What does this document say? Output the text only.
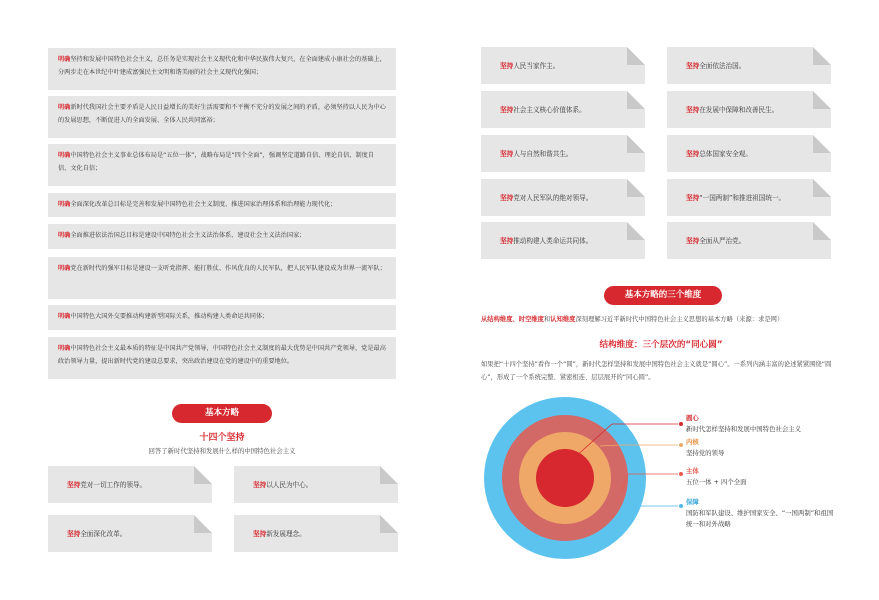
明确坚持和发展中国特色社会主义，总任务是实现社会主义现代化和中华民族伟大复兴，在全面建成小康社会的基础上，分两步走在本世纪中叶建成富强民主文明和谐美丽的社会主义现代化强国；
明确新时代我国社会主要矛盾是人民日益增长的美好生活需要和不平衡不充分的发展之间的矛盾，必须坚持以人民为中心的发展思想，不断促进人的全面发展、全体人民共同富裕；
明确中国特色社会主义事业总体布局是“五位一体”，战略布局是“四个全面”，强调坚定道路自信、理论自信、制度自信、文化自信；
明确全面深化改革总目标是完善和发展中国特色社会主义制度、推进国家治理体系和治理能力现代化；
明确全面推进依法治国总目标是建设中国特色社会主义法治体系、建设社会主义法治国家；
明确党在新时代的强军目标是建设一支听党指挥、能打胜仗、作风优良的人民军队，把人民军队建设成为世界一流军队；
明确中国特色大国外交要推动构建新型国际关系，推动构建人类命运共同体；
明确中国特色社会主义最本质的特征是中国共产党领导，中国特色社会主义制度的最大优势是中国共产党领导，党是最高政治领导力量，提出新时代党的建设总要求，突出政治建设在党的建设中的重要地位。
基本方略
十四个坚持
回答了新时代坚持和发展什么样的中国特色社会主义
坚持 党对一切工作的领导。	坚持 以人民为中心。
坚持 全面深化改革。	坚持 新发展理念。
坚持 人民当家作主。	坚持 全面依法治国。
坚持 社会主义核心价值体系。	坚持 在发展中保障和改善民生。
坚持 人与自然和谐共生。	坚持 总体国家安全观。
坚持 党对人民军队的绝对领导。	坚持 “一国两制”和推进祖国统一。
坚持 推动构建人类命运共同体。	坚持 全面从严治党。
基本方略的三个维度
从结构维度、时空维度和认知维度深刻理解习近平新时代中国特色社会主义思想的基本方略（来源：求是网）
结构维度：三个层次的“同心圆”
如果把“十四个坚持”看作一个“圆”，新时代怎样坚持和发展中国特色社会主义就是“圆心”。一系列内涵丰富的论述紧紧围绕“圆心”，形成了一个系统完整、紧密相连、层层展开的“同心圆”。
圆心
新时代怎样坚持和发展中国特色社会主义
内核
坚持党的领导
主体
五位一体 + 四个全面
保障
国防和军队建设、维护国家安全、“一国两制”和祖国统一和对外战略
